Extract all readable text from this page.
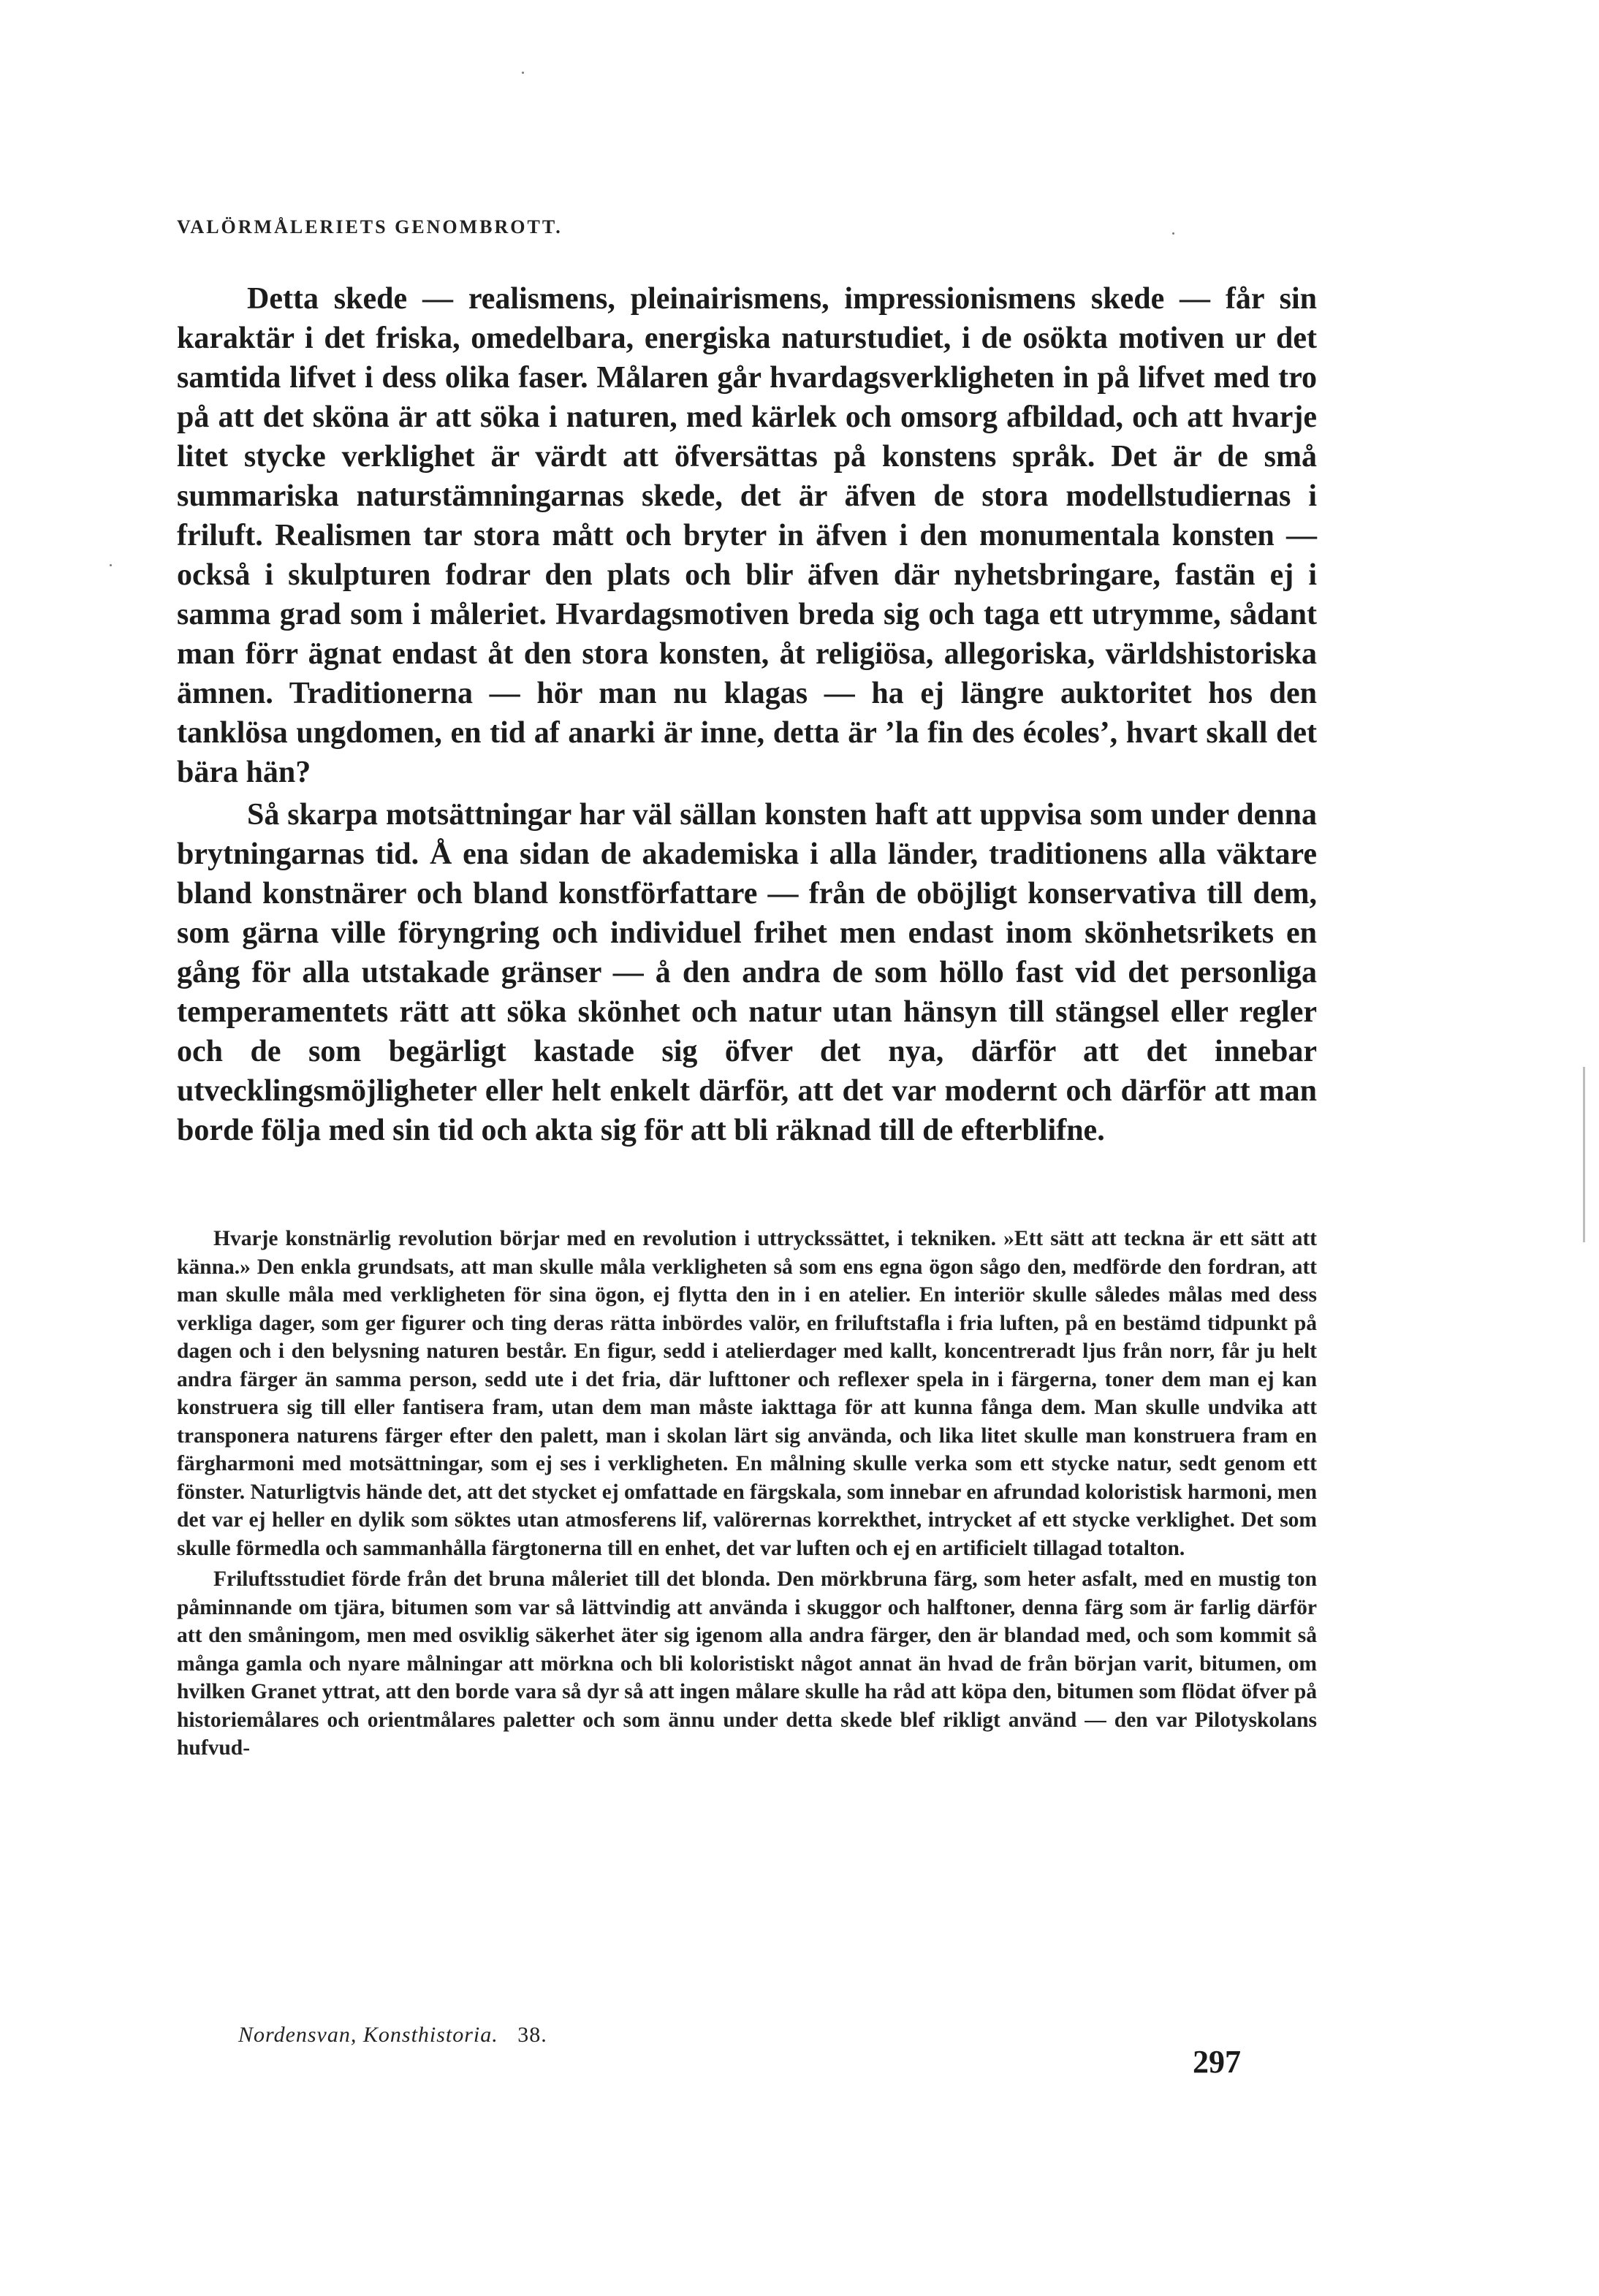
VALÖRMÅLERIETS GENOMBROTT.

Detta skede — realismens, pleinairismens, impressionismens skede — får sin karaktär i det friska, omedelbara, energiska naturstudiet, i de osökta motiven ur det samtida lifvet i dess olika faser. Målaren går hvardagsverkligheten in på lifvet med tro på att det sköna är att söka i naturen, med kärlek och omsorg afbildad, och att hvarje litet stycke verklighet är värdt att öfversättas på konstens språk. Det är de små summariska naturstämningarnas skede, det är äfven de stora modellstudiernas i friluft. Realismen tar stora mått och bryter in äfven i den monumentala konsten — också i skulpturen fodrar den plats och blir äfven där nyhetsbringare, fastän ej i samma grad som i måleriet. Hvardagsmotiven breda sig och taga ett utrymme, sådant man förr ägnat endast åt den stora konsten, åt religiösa, allegoriska, världshistoriska ämnen. Traditionerna — hör man nu klagas — ha ej längre auktoritet hos den tanklösa ungdomen, en tid af anarki är inne, detta är ’la fin des écoles’, hvart skall det bära hän?

Så skarpa motsättningar har väl sällan konsten haft att uppvisa som under denna brytningarnas tid. Å ena sidan de akademiska i alla länder, traditionens alla väktare bland konstnärer och bland konstförfattare — från de oböjligt konservativa till dem, som gärna ville föryngring och individuel frihet men endast inom skönhetsrikets en gång för alla utstakade gränser — å den andra de som höllo fast vid det personliga temperamentets rätt att söka skönhet och natur utan hänsyn till stängsel eller regler och de som begärligt kastade sig öfver det nya, därför att det innebar utvecklingsmöjligheter eller helt enkelt därför, att det var modernt och därför att man borde följa med sin tid och akta sig för att bli räknad till de efterblifne.

Hvarje konstnärlig revolution börjar med en revolution i uttryckssättet, i tekniken. »Ett sätt att teckna är ett sätt att känna.» Den enkla grundsats, att man skulle måla verkligheten så som ens egna ögon sågo den, medförde den fordran, att man skulle måla med verkligheten för sina ögon, ej flytta den in i en atelier. En interiör skulle således målas med dess verkliga dager, som ger figurer och ting deras rätta inbördes valör, en friluftstafla i fria luften, på en bestämd tidpunkt på dagen och i den belysning naturen består. En figur, sedd i atelierdager med kallt, koncentreradt ljus från norr, får ju helt andra färger än samma person, sedd ute i det fria, där lufttoner och reflexer spela in i färgerna, toner dem man ej kan konstruera sig till eller fantisera fram, utan dem man måste iakttaga för att kunna fånga dem. Man skulle undvika att transponera naturens färger efter den palett, man i skolan lärt sig använda, och lika litet skulle man konstruera fram en färgharmoni med motsättningar, som ej ses i verkligheten. En målning skulle verka som ett stycke natur, sedt genom ett fönster. Naturligtvis hände det, att det stycket ej omfattade en färgskala, som innebar en afrundad koloristisk harmoni, men det var ej heller en dylik som söktes utan atmosferens lif, valörernas korrekthet, intrycket af ett stycke verklighet. Det som skulle förmedla och sammanhålla färgtonerna till en enhet, det var luften och ej en artificielt tillagad totalton.

Friluftsstudiet förde från det bruna måleriet till det blonda. Den mörkbruna färg, som heter asfalt, med en mustig ton påminnande om tjära, bitumen som var så lättvindig att använda i skuggor och halftoner, denna färg som är farlig därför att den småningom, men med osviklig säkerhet äter sig igenom alla andra färger, den är blandad med, och som kommit så många gamla och nyare målningar att mörkna och bli koloristiskt något annat än hvad de från början varit, bitumen, om hvilken Granet yttrat, att den borde vara så dyr så att ingen målare skulle ha råd att köpa den, bitumen som flödat öfver på historiemålares och orientmålares paletter och som ännu under detta skede blef rikligt använd — den var Pilotyskolans hufvud-

Nordensvan, Konsthistoria. 38.
297
